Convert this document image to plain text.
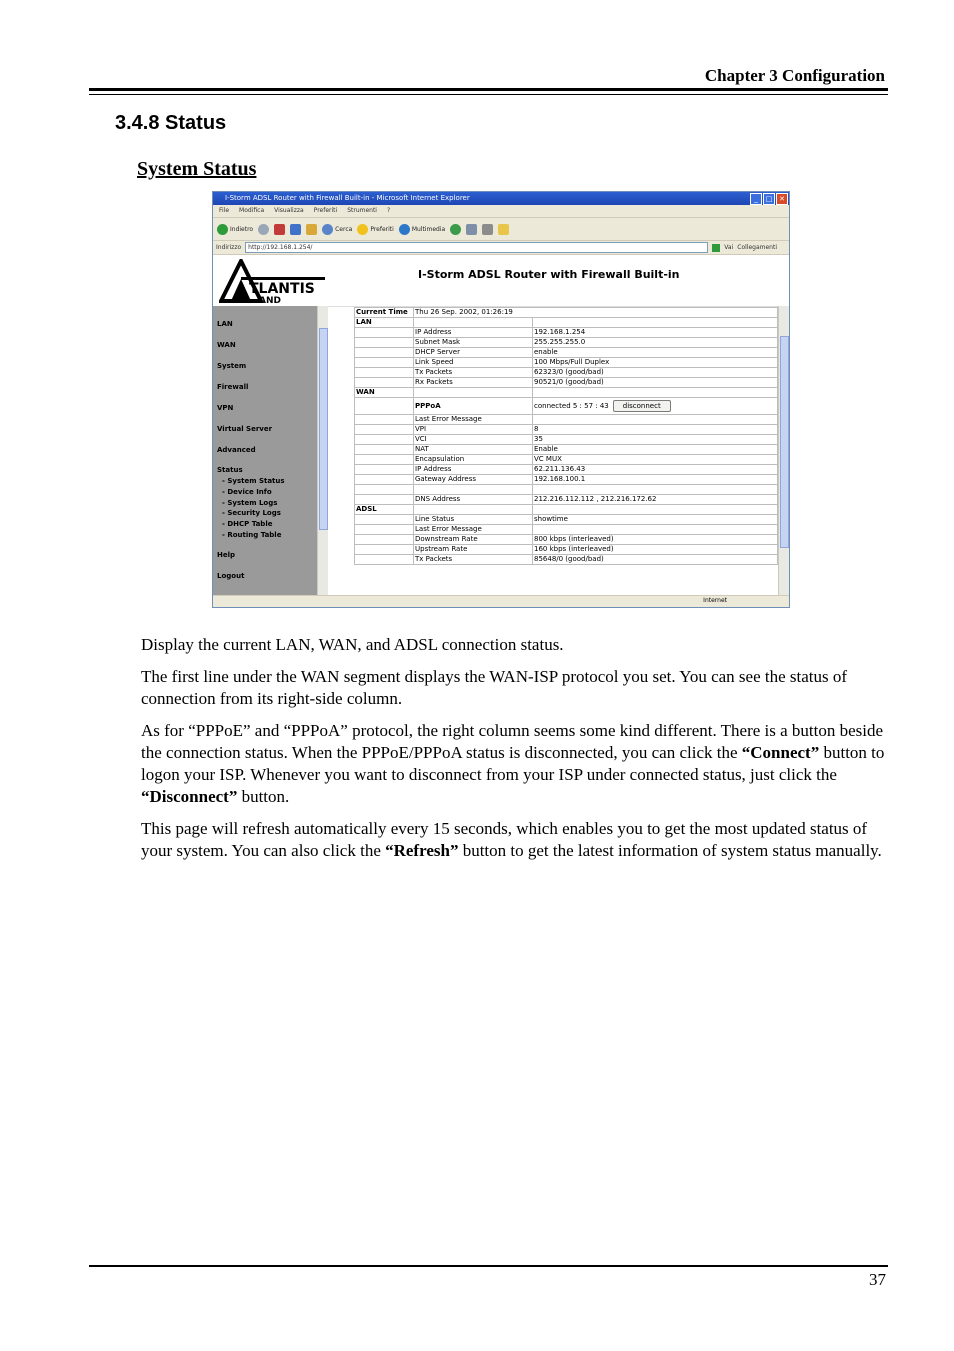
Chapter 3 Configuration
3.4.8 Status
System Status
I-Storm ADSL Router with Firewall Built-in - Microsoft Internet Explorer	_	□ ✕
File Modifica Visualizza Preferiti Strumenti ?
Indietro	Cerca	Preferiti	Multimedia
Indirizzo	http://192.168.1.254/	Vai Collegamenti
TLANTIS
AND
I-Storm ADSL Router with Firewall Built-in
LAN
WAN
System
Firewall
VPN
Virtual Server
Advanced
Status
- System Status
- Device Info
- System Logs
- Security Logs
- DHCP Table
- Routing Table
Help
Logout
Current Time	Thu 26 Sep. 2002, 01:26:19	
LAN		
	IP Address	192.168.1.254
	Subnet Mask	255.255.255.0
	DHCP Server	enable
	Link Speed	100 Mbps/Full Duplex
	Tx Packets	62323/0 (good/bad)
	Rx Packets	90521/0 (good/bad)
WAN		
	PPPoA	connected 5 : 57 : 43 disconnect
	Last Error Message	
	VPI	8
	VCI	35
	NAT	Enable
	Encapsulation	VC MUX
	IP Address	62.211.136.43
	Gateway Address	192.168.100.1

	DNS Address	212.216.112.112 , 212.216.172.62
ADSL		
	Line Status	showtime
	Last Error Message	
	Downstream Rate	800 kbps (interleaved)
	Upstream Rate	160 kbps (interleaved)
	Tx Packets	85648/0 (good/bad)
Internet

Display the current LAN, WAN, and ADSL connection status.

The first line under the WAN segment displays the WAN-ISP protocol you set. You can see the status of connection from its right-side column.

As for “PPPoE” and “PPPoA” protocol, the right column seems some kind different. There is a button beside the connection status. When the PPPoE/PPPoA status is disconnected, you can click the “Connect” button to logon your ISP. Whenever you want to disconnect from your ISP under connected status, just click the “Disconnect” button.

This page will refresh automatically every 15 seconds, which enables you to get the most updated status of your system. You can also click the “Refresh” button to get the latest information of system status manually.

37
